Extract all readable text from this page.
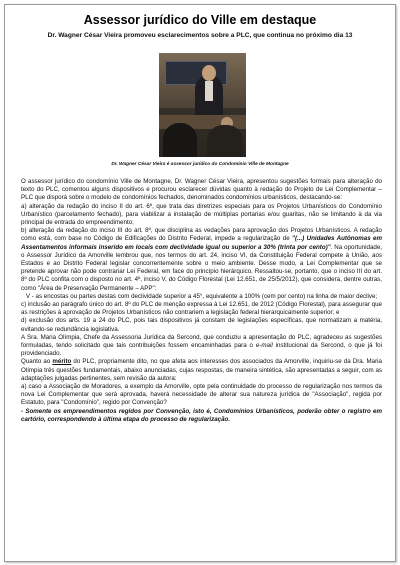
Assessor jurídico do Ville em destaque
Dr. Wagner César Vieira promoveu esclarecimentos sobre a PLC, que continua no próximo dia 13
Dr. Wagner César Vieira é assessor jurídico do Condomínio Ville de Montagne

O assessor jurídico do condomínio Ville de Montagne, Dr. Wagner César Vieira, apresentou sugestões formais para alteração do texto do PLC, comentou alguns dispositivos e procurou esclarecer dúvidas quanto à redação do Projeto de Lei Complementar – PLC que disporá sobre o modelo de condomínios fechados, denominados condomínios urbanísticos, destacando-se:

a) alteração da redação do inciso II do art. 6º, que trata das diretrizes especiais para os Projetos Urbanísticos do Condomínio Urbanístico (parcelamento fechado), para viabilizar a instalação de múltiplas portarias e/ou guaritas, não se limitando à da via principal de entrada do empreendimento;

b) alteração da redação do inciso III do art. 8º, que disciplina as vedações para aprovação dos Projetos Urbanísticos. A redação como está, com base no Código de Edificações do Distrito Federal, impede a regularização de "(...) Unidades Autônomas em Assentamentos informais inserido em locais com declividade igual ou superior a 30% (trinta por cento)". Na oportunidade, o Assessor Jurídico da Amorville lembrou que, nos termos do art. 24, inciso VI, da Constituição Federal compete à União, aos Estados e ao Distrito Federal legislar concorrentemente sobre o meio ambiente. Desse modo, a Lei Complementar que se pretende aprovar não pode contrariar Lei Federal, em face do princípio hierárquico. Ressaltou-se, portanto, que o inciso III do art. 8º do PLC confita com o disposto no art. 4º, inciso V, do Código Florestal (Lei 12.651, de 25/5/2012), que considera, dentre outras, como "Área de Preservação Permanente – APP":

V - as encostas ou partes destas com declividade superior a 45°, equivalente a 100% (cem por cento) na linha de maior declive;

c) inclusão ao parágrafo único do art. 8º do PLC de menção expressa à Lei 12.651, de 2012 (Código Florestal), para assegurar que as restrições à aprovação de Projetos Urbanísticos não contrariem a legislação federal hierarquicamente superior; e

d) exclusão dos arts. 19 a 24 do PLC, pois tais dispositivos já constam de legislações específicas, que normatizam a matéria, evitando-se redundância legislativa.

A Sra. Maria Olímpia, Chefe da Assessoria Jurídica da Sercond, que conduziu a apresentação do PLC, agradeceu as sugestões formuladas, tendo solicitado que tais contribuições fossem encaminhadas para o e-mail institucional da Sercond, o que já foi providenciado.

Quanto ao mérito do PLC, propriamente dito, no que afeta aos interesses dos associados da Amorville, inquiriu-se da Dra. Maria Olímpia três questões fundamentais, abaixo anunciadas, cujas respostas, de maneira sintética, são apresentadas a seguir, com as adaptações julgadas pertinentes, sem revisão da autora:

a) caso a Associação de Moradores, a exemplo da Amorville, opte pela continuidade do processo de regularização nos termos da nova Lei Complementar que será aprovada, haverá necessidade de alterar sua natureza jurídica de "Associação", regida por Estatuto, para "Condomínio", regido por Convenção?

- Somente os empreendimentos regidos por Convenção, isto é, Condomínios Urbanísticos, poderão obter o registro em cartório, correspondendo à última etapa do processo de regularização.
